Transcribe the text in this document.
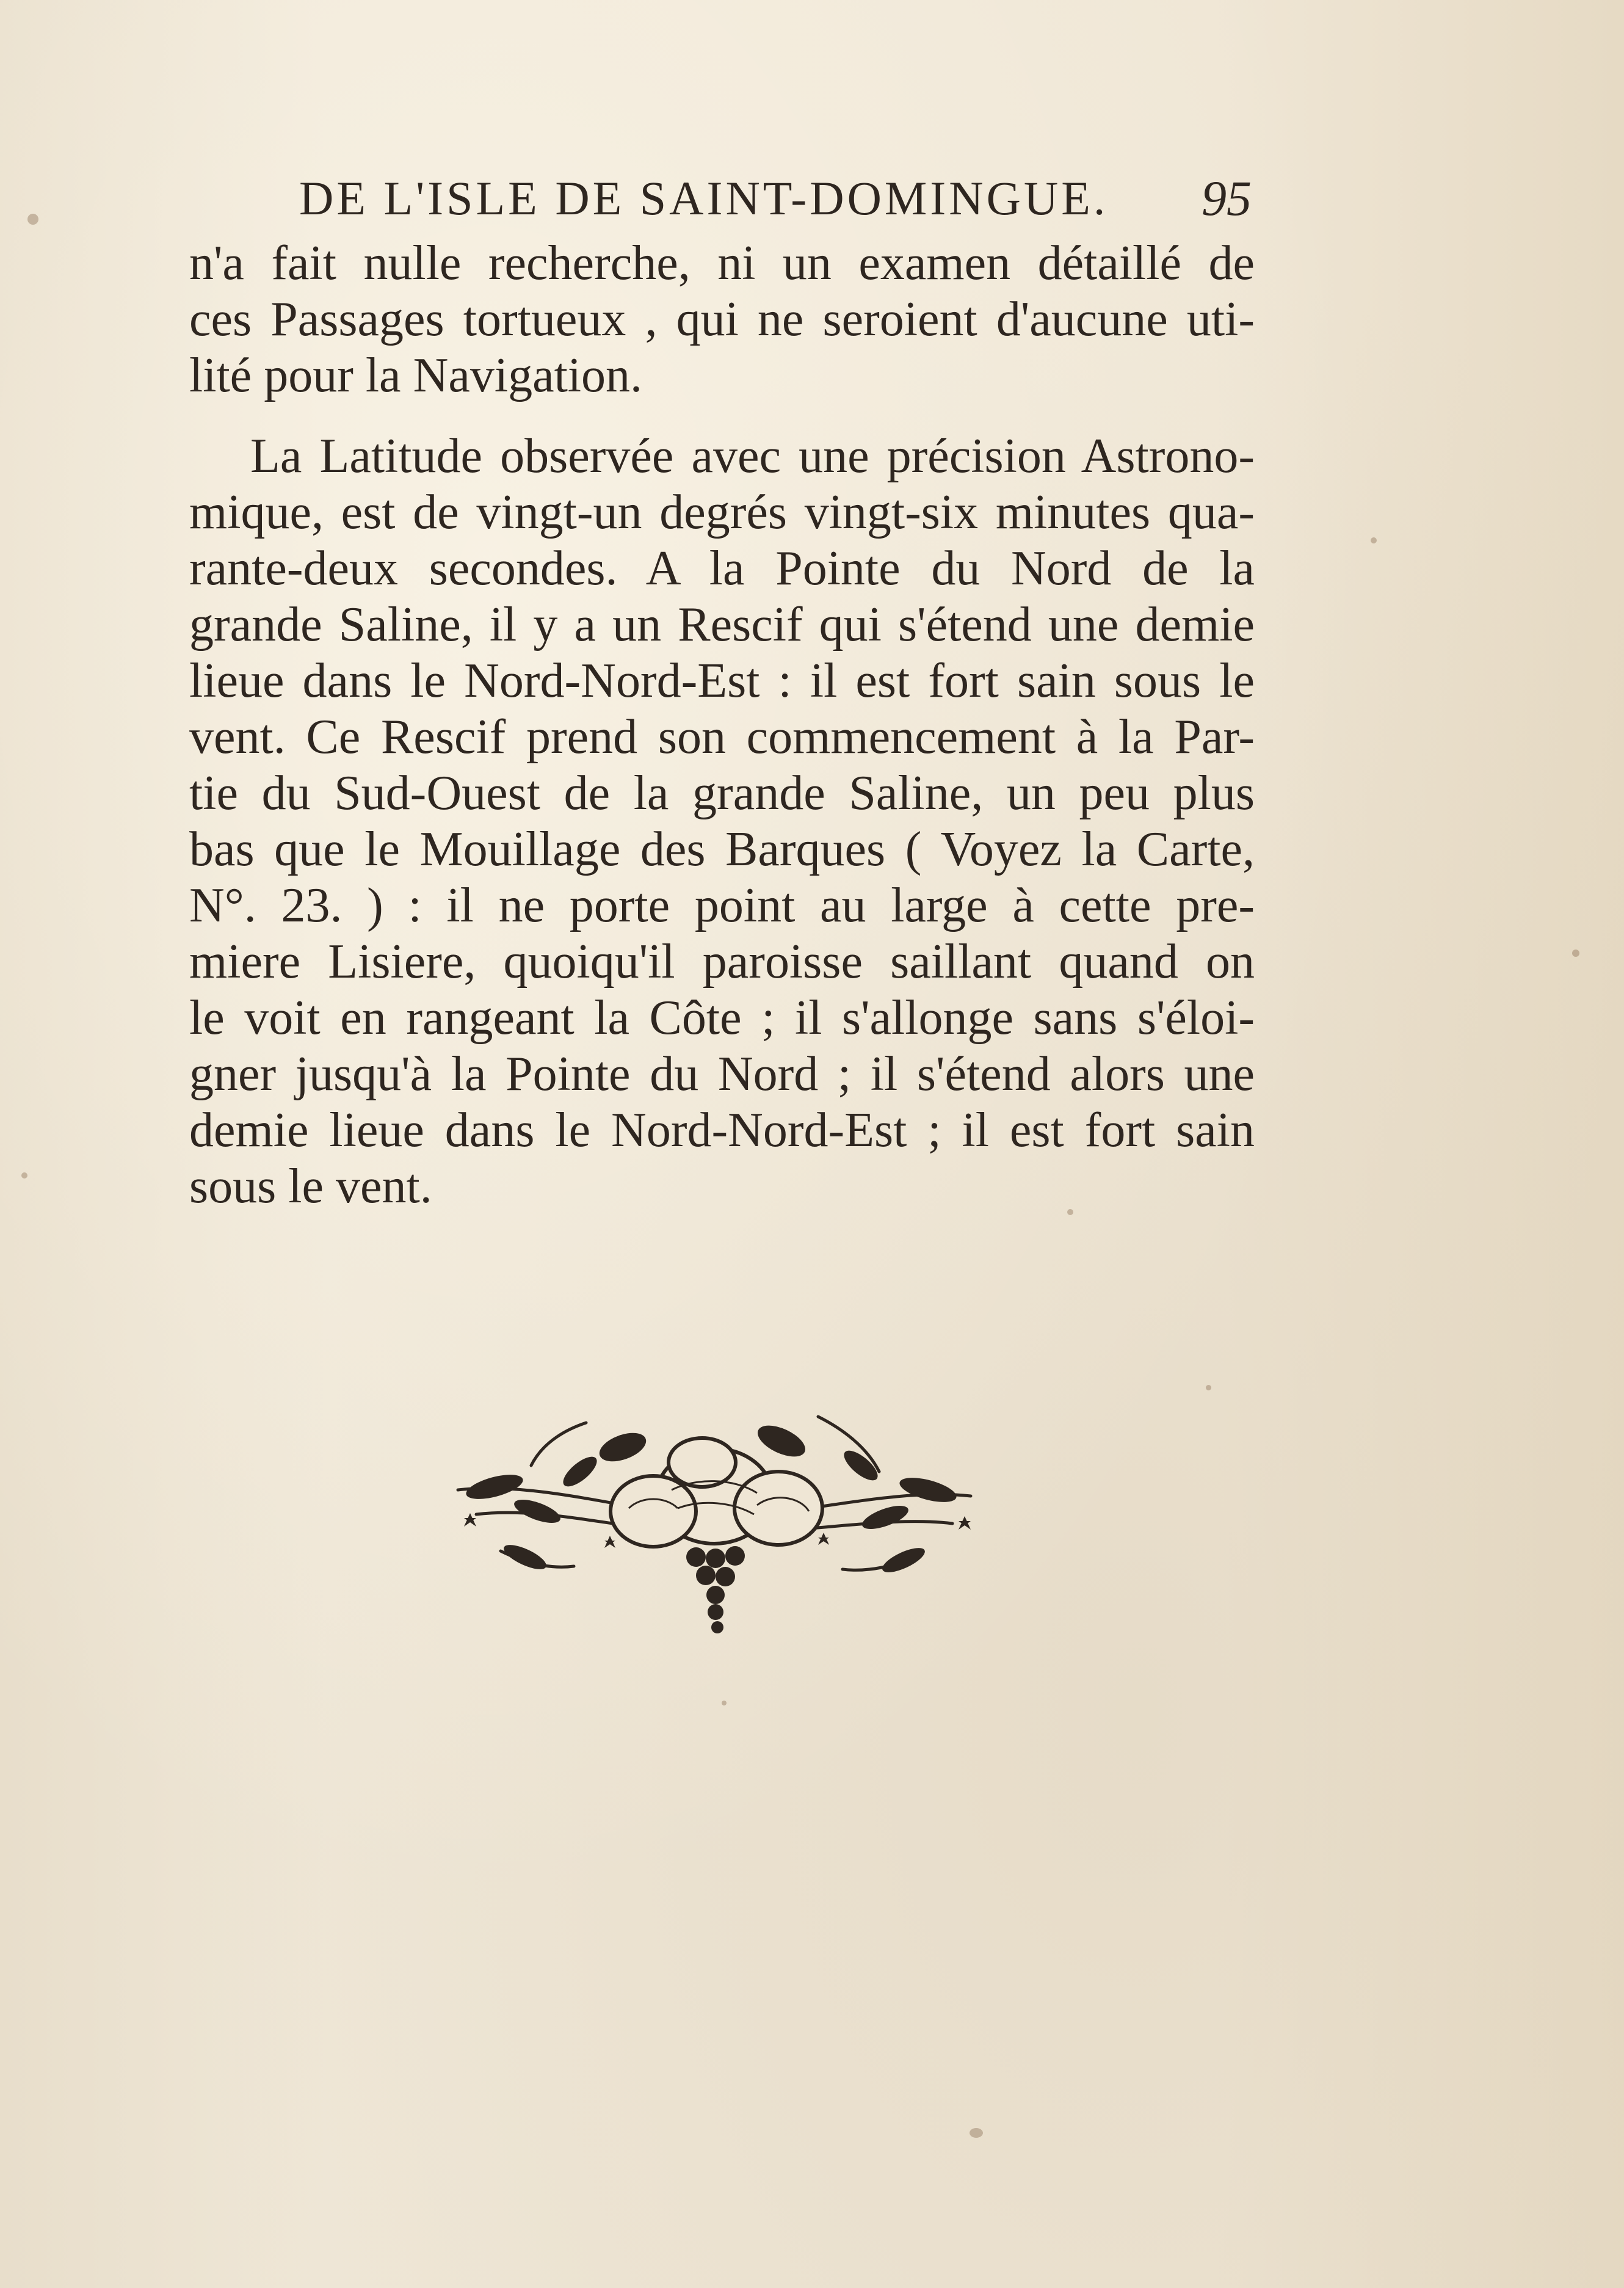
DE L'ISLE DE SAINT-DOMINGUE. 95
n'a fait nulle recherche, ni un examen détaillé de
ces Passages tortueux , qui ne seroient d'aucune uti-
lité pour la Navigation.
La Latitude observée avec une précision Astrono-
mique, est de vingt-un degrés vingt-six minutes qua-
rante-deux secondes. A la Pointe du Nord de la
grande Saline, il y a un Rescif qui s'étend une demie
lieue dans le Nord-Nord-Est : il est fort sain sous le
vent. Ce Rescif prend son commencement à la Par-
tie du Sud-Ouest de la grande Saline, un peu plus
bas que le Mouillage des Barques ( Voyez la Carte,
N°. 23. ) : il ne porte point au large à cette pre-
miere Lisiere, quoiqu'il paroisse saillant quand on
le voit en rangeant la Côte ; il s'allonge sans s'éloi-
gner jusqu'à la Pointe du Nord ; il s'étend alors une
demie lieue dans le Nord-Nord-Est ; il est fort sain
sous le vent.
